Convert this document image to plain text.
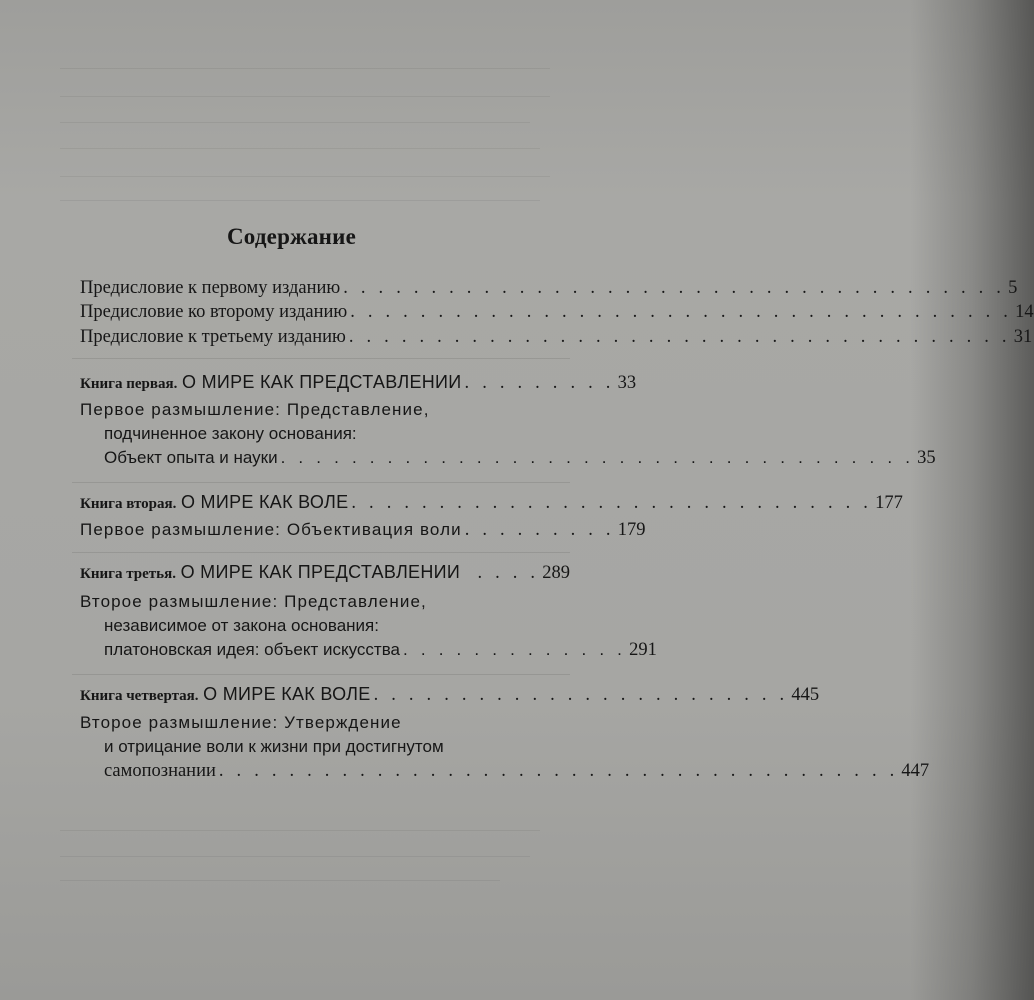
Содержание
Предисловие к первому изданию . . . . . . . . . . . . . . . . . . . . . . . . . . . . . . . . . . . . . . 5
Предисловие ко второму изданию . . . . . . . . . . . . . . . . . . . . . . . . . . . . . . . . . . . . . . 14
Предисловие к третьему изданию . . . . . . . . . . . . . . . . . . . . . . . . . . . . . . . . . . . . . . 31
Книга первая. О МИРЕ КАК ПРЕДСТАВЛЕНИИ . . . . . . . . . 33
Первое размышление: Представление,
подчиненное закону основания:
Объект опыта и науки . . . . . . . . . . . . . . . . . . . . . . . . . . . . . . . . . . . . 35
Книга вторая. О МИРЕ КАК ВОЛЕ . . . . . . . . . . . . . . . . . . . . . . . . . . . . . . 177
Первое размышление: Объективация воли . . . . . . . . . 179
Книга третья. О МИРЕ КАК ПРЕДСТАВЛЕНИИ . . . . 289
Второе размышление: Представление,
независимое от закона основания:
платоновская идея: объект искусства . . . . . . . . . . . . . 291
Книга четвертая. О МИРЕ КАК ВОЛЕ . . . . . . . . . . . . . . . . . . . . . . . . 445
Второе размышление: Утверждение
и отрицание воли к жизни при достигнутом
самопознании . . . . . . . . . . . . . . . . . . . . . . . . . . . . . . . . . . . . . . . 447
